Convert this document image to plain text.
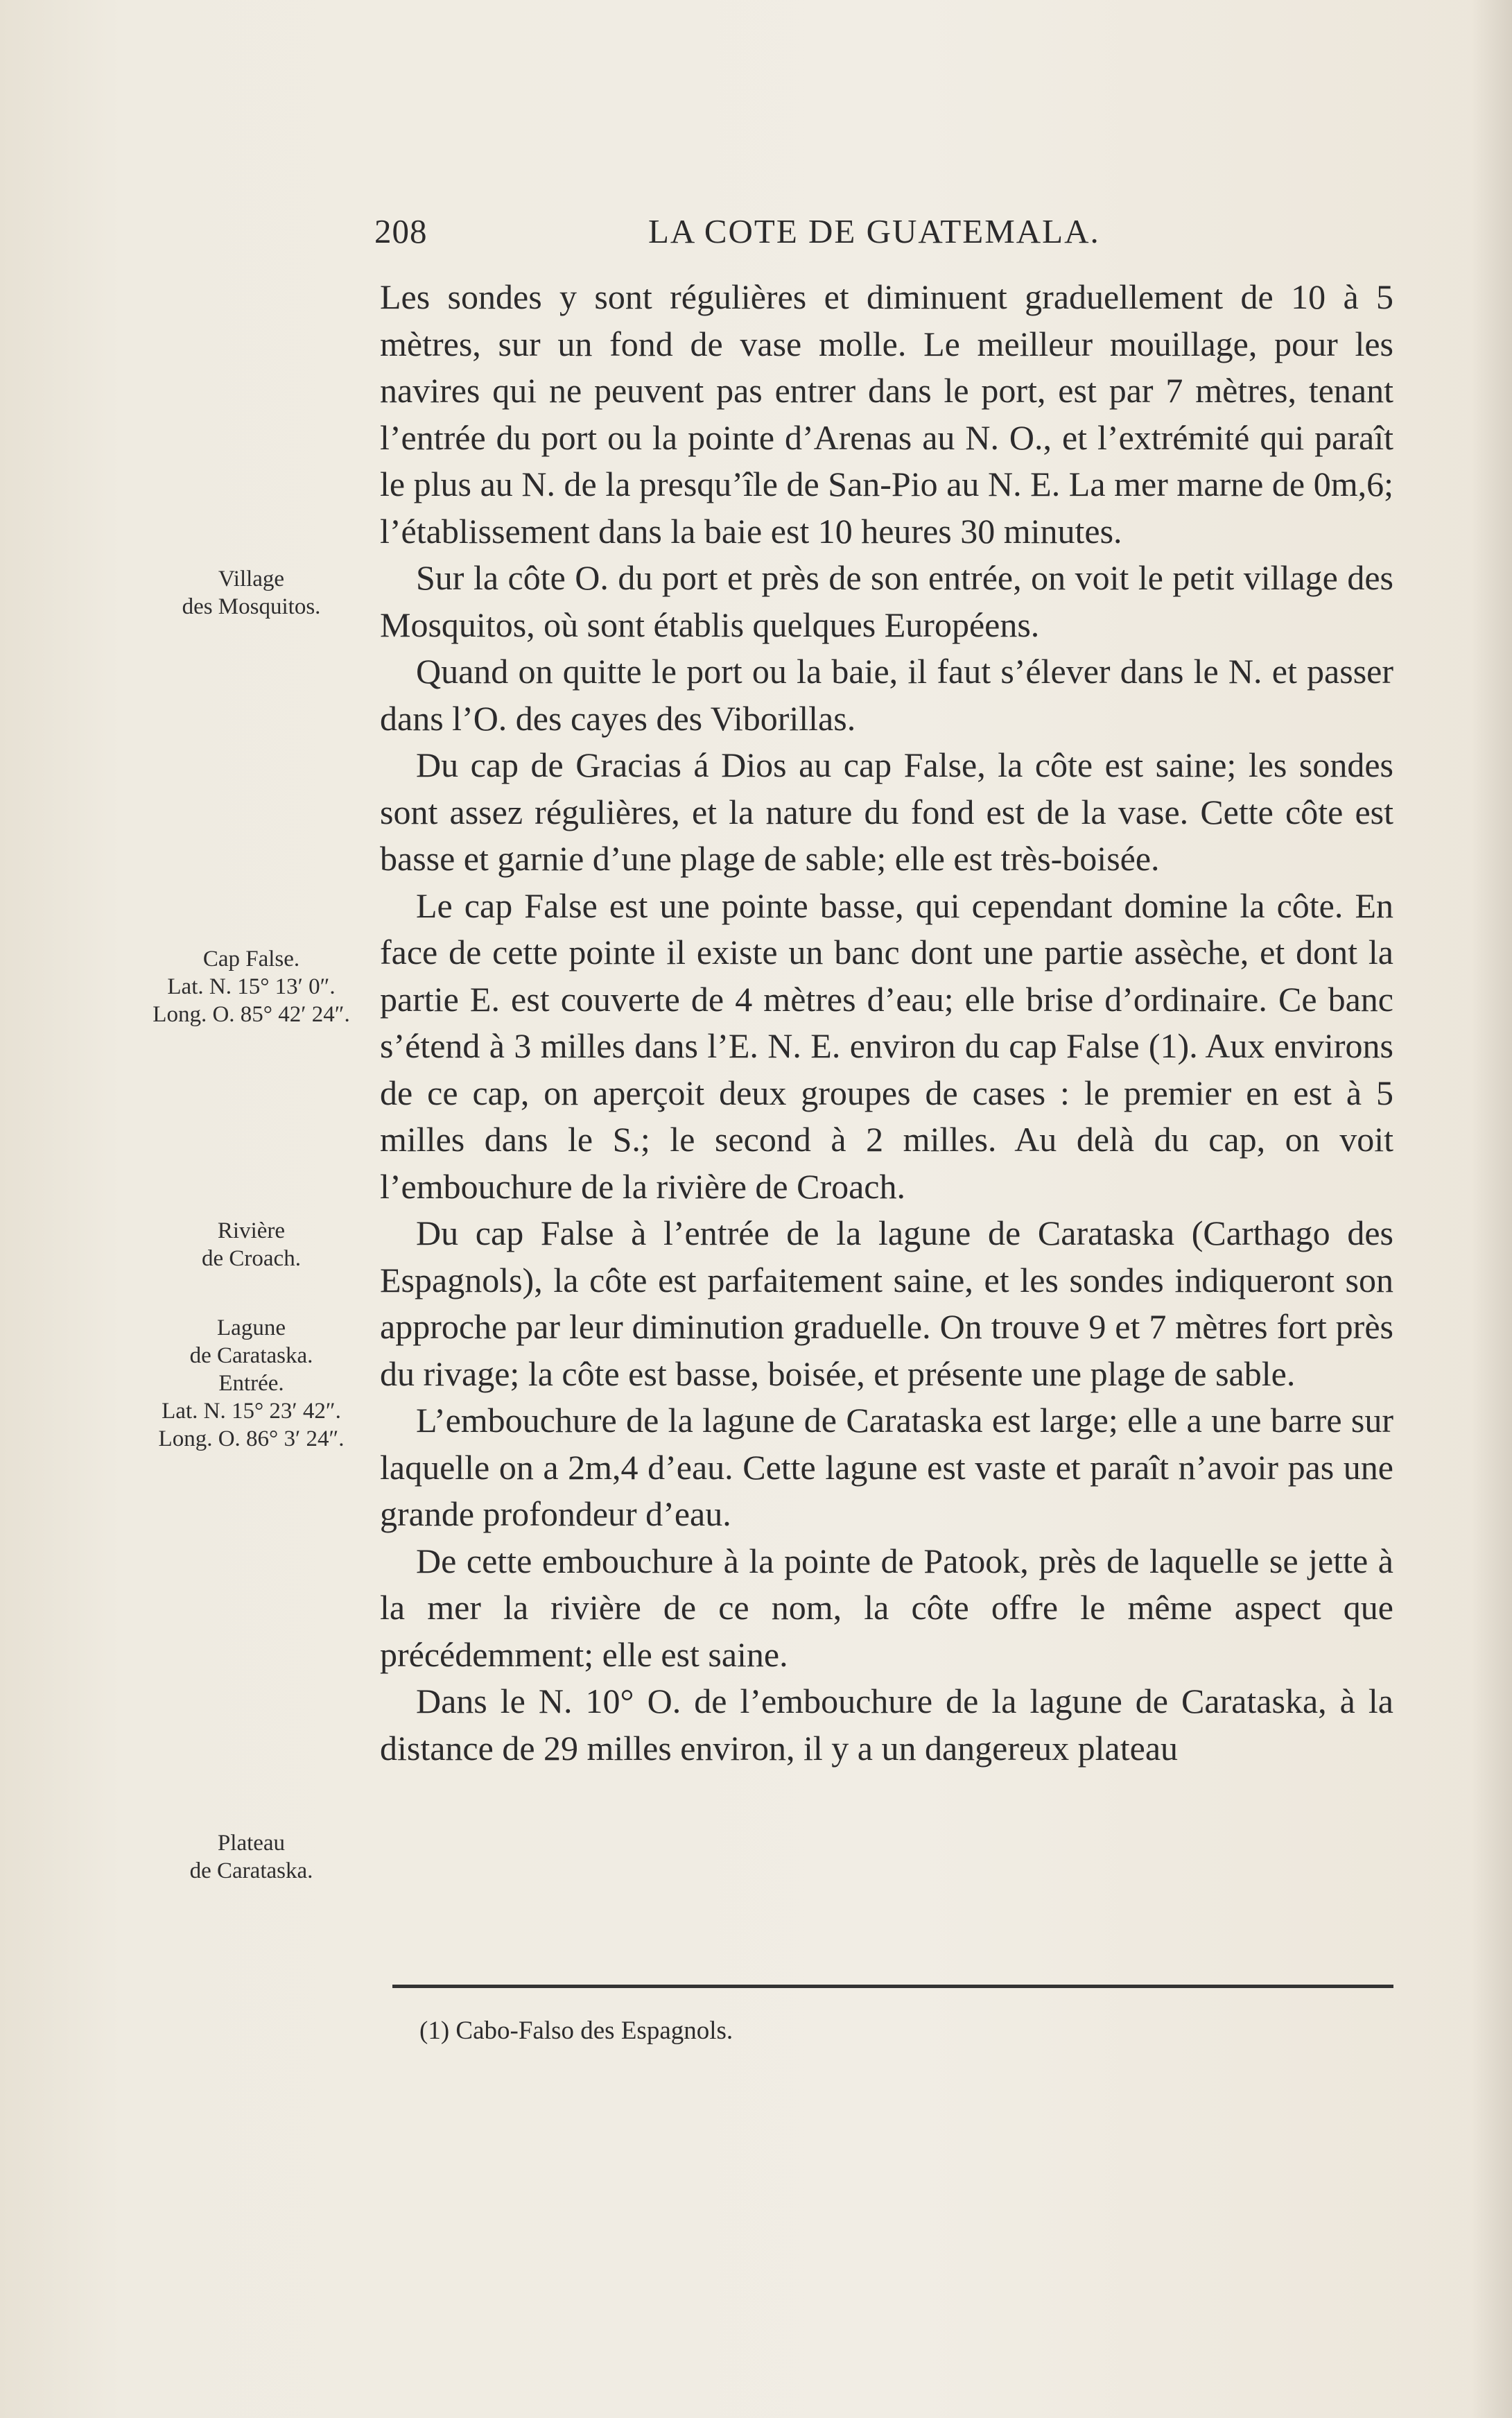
208	LA COTE DE GUATEMALA.

Les sondes y sont régulières et diminuent graduellement de 10 à 5 mètres, sur un fond de vase molle. Le meilleur mouillage, pour les navires qui ne peuvent pas entrer dans le port, est par 7 mètres, tenant l’entrée du port ou la pointe d’Arenas au N. O., et l’extrémité qui paraît le plus au N. de la presqu’île de San-Pio au N. E. La mer marne de 0m,6; l’établissement dans la baie est 10 heures 30 minutes.

Sur la côte O. du port et près de son entrée, on voit le petit village des Mosquitos, où sont établis quelques Européens.

Quand on quitte le port ou la baie, il faut s’élever dans le N. et passer dans l’O. des cayes des Viborillas.

Du cap de Gracias á Dios au cap False, la côte est saine; les sondes sont assez régulières, et la nature du fond est de la vase. Cette côte est basse et garnie d’une plage de sable; elle est très-boisée.

Le cap False est une pointe basse, qui cependant domine la côte. En face de cette pointe il existe un banc dont une partie assèche, et dont la partie E. est couverte de 4 mètres d’eau; elle brise d’ordinaire. Ce banc s’étend à 3 milles dans l’E. N. E. environ du cap False (1). Aux environs de ce cap, on aperçoit deux groupes de cases : le premier en est à 5 milles dans le S.; le second à 2 milles. Au delà du cap, on voit l’embouchure de la rivière de Croach.

Du cap False à l’entrée de la lagune de Carataska (Carthago des Espagnols), la côte est parfaitement saine, et les sondes indiqueront son approche par leur diminution graduelle. On trouve 9 et 7 mètres fort près du rivage; la côte est basse, boisée, et présente une plage de sable.

L’embouchure de la lagune de Carataska est large; elle a une barre sur laquelle on a 2m,4 d’eau. Cette lagune est vaste et paraît n’avoir pas une grande profondeur d’eau.

De cette embouchure à la pointe de Patook, près de laquelle se jette à la mer la rivière de ce nom, la côte offre le même aspect que précédemment; elle est saine.

Dans le N. 10° O. de l’embouchure de la lagune de Carataska, à la distance de 29 milles environ, il y a un dangereux plateau

Village
des Mosquitos.
Cap False.
Lat. N. 15° 13′ 0″.
Long. O. 85° 42′ 24″.
Rivière
de Croach.
Lagune
de Carataska.
Entrée.
Lat. N. 15° 23′ 42″.
Long. O. 86° 3′ 24″.
Plateau
de Carataska.
(1) Cabo-Falso des Espagnols.
